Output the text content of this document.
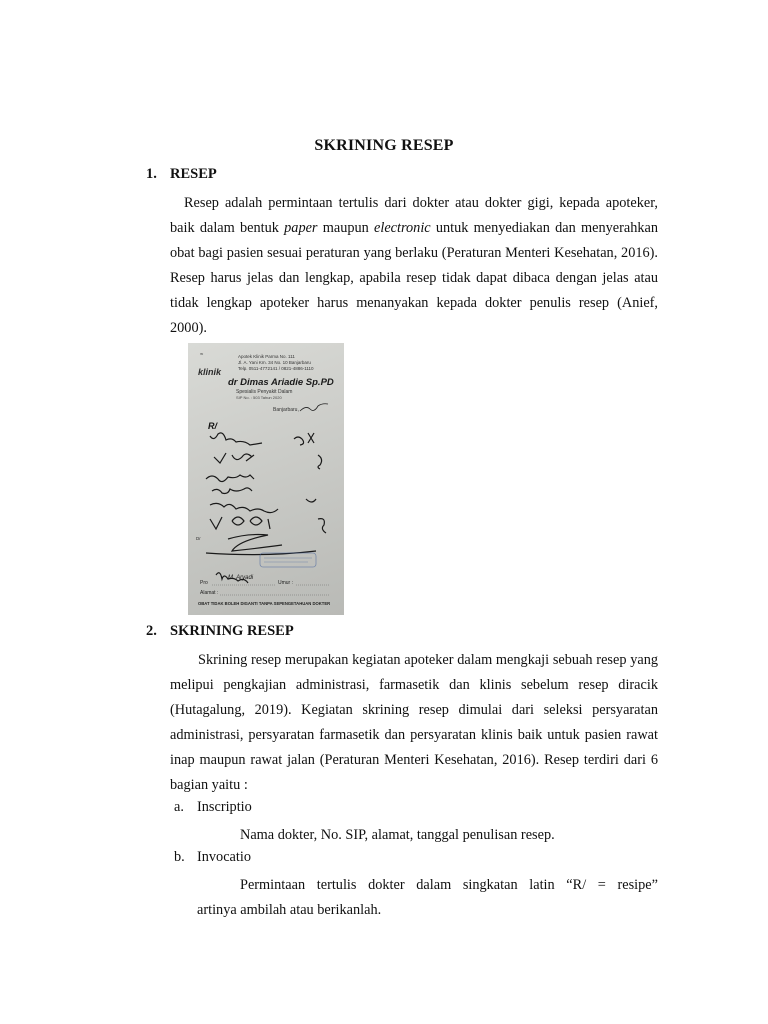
SKRINING RESEP
1. RESEP
Resep adalah permintaan tertulis dari dokter atau dokter gigi, kepada apoteker, baik dalam bentuk paper maupun electronic untuk menyediakan dan menyerahkan obat bagi pasien sesuai peraturan yang berlaku (Peraturan Menteri Kesehatan, 2016). Resep harus jelas dan lengkap, apabila resep tidak dapat dibaca dengan jelas atau tidak lengkap apoteker harus menanyakan kepada dokter penulis resep (Anief, 2000).
≈
klinik
Apotek Klinik Parma No. 111
Jl. A. Yani Km. 34 No. 10 Banjarbaru
Telp. 0511-4772141 / 0821-4886-1110
dr Dimas Ariadie Sp.PD
Spesialis Penyakit Dalam
SIP No. : 503 Tahun 2020
Banjarbaru,
R/
Dr
Pro	Umur :
Alamat :
OBAT TIDAK BOLEH DIGANTI TANPA SEPENGETAHUAN DOKTER
M. Aryadi
2. SKRINING RESEP
Skrining resep merupakan kegiatan apoteker dalam mengkaji sebuah resep yang melipui pengkajian administrasi, farmasetik dan klinis sebelum resep diracik (Hutagalung, 2019). Kegiatan skrining resep dimulai dari seleksi persyaratan administrasi, persyaratan farmasetik dan persyaratan klinis baik untuk pasien rawat inap maupun rawat jalan (Peraturan Menteri Kesehatan, 2016). Resep terdiri dari 6 bagian yaitu :
a. Inscriptio
Nama dokter, No. SIP, alamat, tanggal penulisan resep.
b. Invocatio
Permintaan tertulis dokter dalam singkatan latin “R/ = resipe”
artinya ambilah atau berikanlah.
